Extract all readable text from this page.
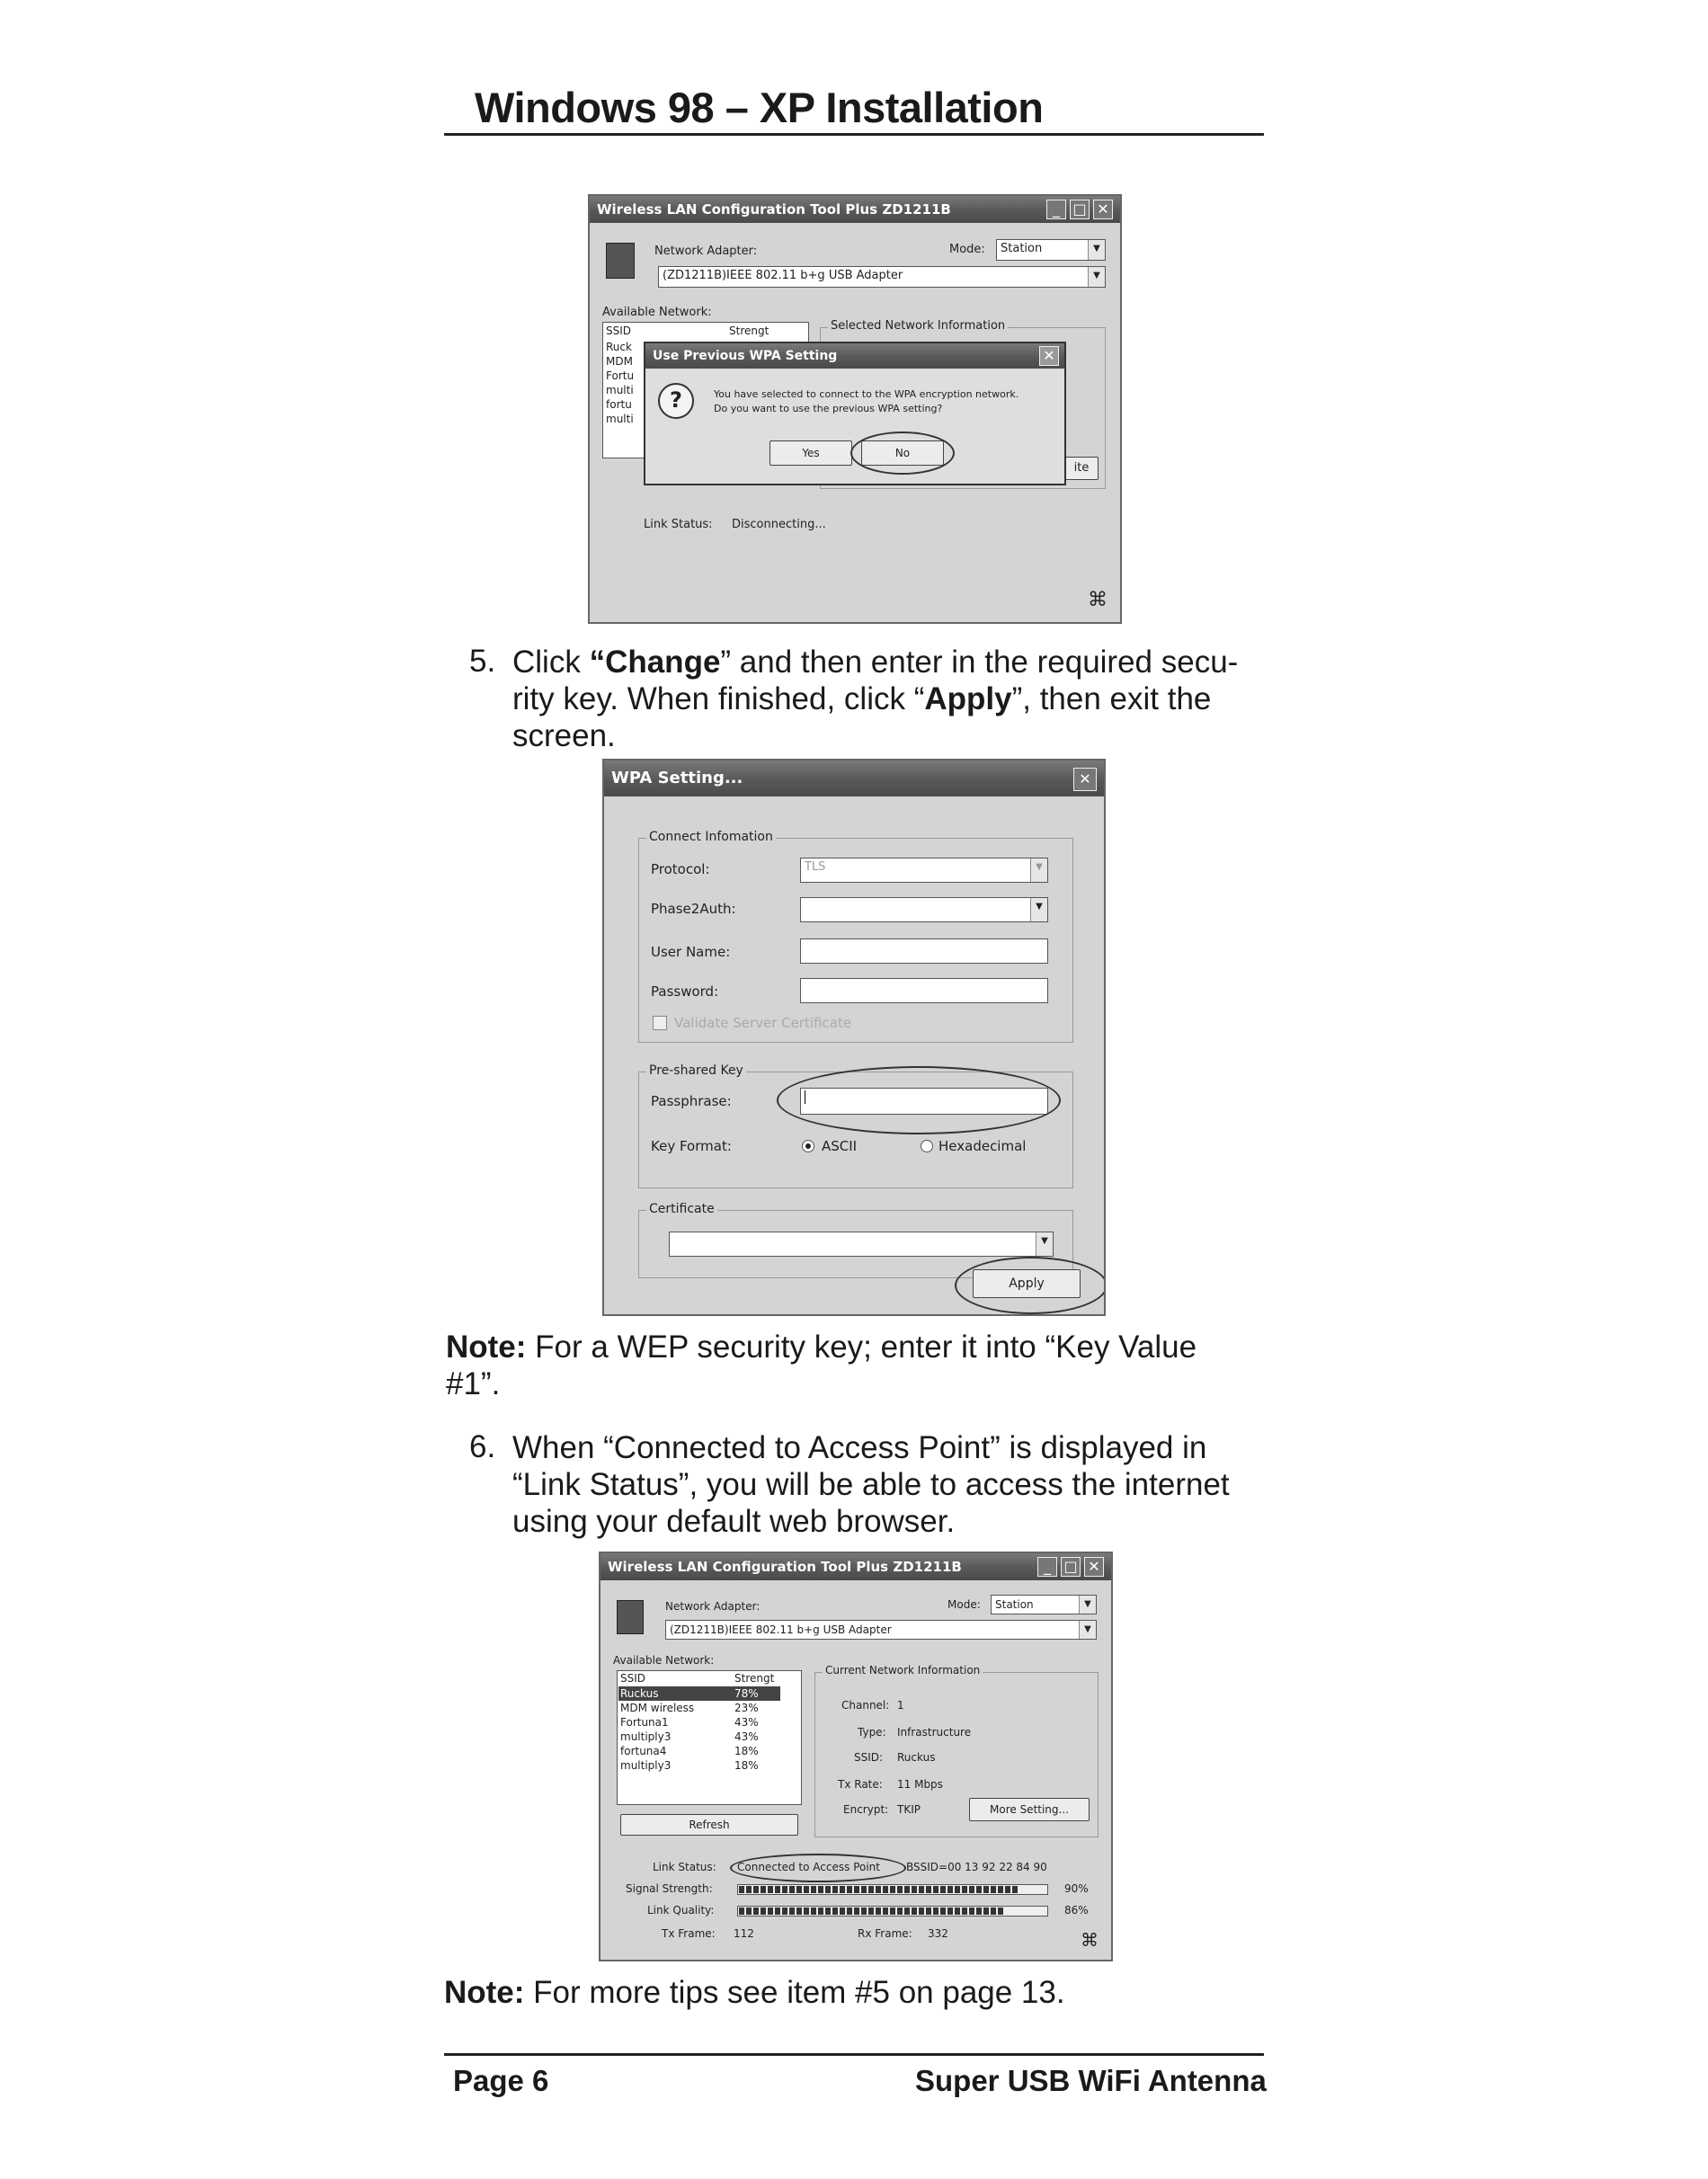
Windows 98 – XP Installation
Wireless LAN Configuration Tool Plus ZD1211B	_ □ ✕
Network Adapter:	Mode:	Station	▼
(ZD1211B)IEEE 802.11 b+g USB Adapter	▼
Available Network:
SSID	Strengt
Ruck
MDM
Fortu
multi
fortu
multi
Selected Network Information
ite
Link Status: Disconnecting...
⌘
Use Previous WPA Setting	✕
?	You have selected to connect to the WPA encryption network.
Do you want to use the previous WPA setting?
Yes	No
5. Click “Change” and then enter in the required secu-
rity key. When finished, click “Apply”, then exit the
screen.
WPA Setting...	✕
Connect Infomation
Protocol:	TLS	▼
Phase2Auth:	▼
User Name:
Password:
Validate Server Certificate
Pre-shared Key
Passphrase:

Key Format:	ASCII	Hexadecimal
Certificate
▼
Apply
Note: For a WEP security key; enter it into “Key Value
#1”.
6. When “Connected to Access Point” is displayed in
“Link Status”, you will be able to access the internet
using your default web browser.
Wireless LAN Configuration Tool Plus ZD1211B	_ □ ✕
Network Adapter:	Mode:	Station	▼
(ZD1211B)IEEE 802.11 b+g USB Adapter	▼
Available Network:
SSID	Strengt
Ruckus	78%
MDM wireless	23%
Fortuna1	43%
multiply3	43%
fortuna4	18%
multiply3	18%
Refresh
Current Network Information
Channel: 1
Type: Infrastructure
SSID: Ruckus
Tx Rate: 11 Mbps
Encrypt: TKIP	More Setting...
Link Status: Connected to Access Point BSSID=00 13 92 22 84 90
Signal Strength:	90%
Link Quality:	86%
Tx Frame: 112	Rx Frame: 332	⌘
Note: For more tips see item #5 on page 13.
Page 6	Super USB WiFi Antenna
